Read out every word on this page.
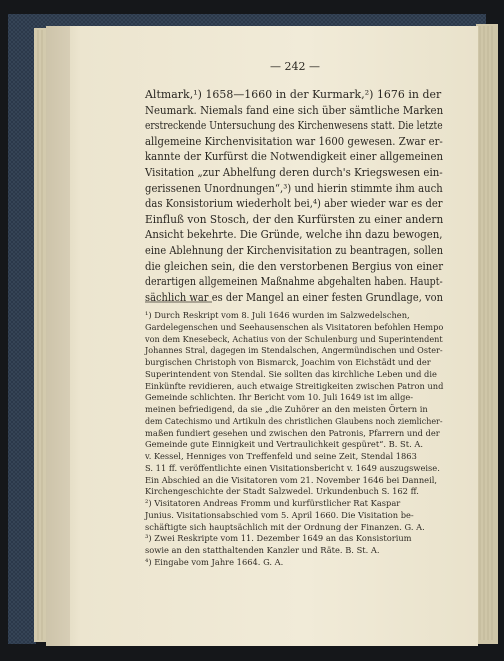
— 242 —
Altmark,¹) 1658—1660 in der Kurmark,²) 1676 in der
Neumark. Niemals fand eine sich über sämtliche Marken
erstreckende Untersuchung des Kirchenwesens statt. Die letzte
allgemeine Kirchenvisitation war 1600 gewesen. Zwar er-
kannte der Kurfürst die Notwendigkeit einer allgemeinen
Visitation „zur Abhelfung deren durch's Kriegswesen ein-
gerissenen Unordnungen“,³) und hierin stimmte ihm auch
das Konsistorium wiederholt bei,⁴) aber wieder war es der
Einfluß von Stosch, der den Kurfürsten zu einer andern
Ansicht bekehrte. Die Gründe, welche ihn dazu bewogen,
eine Ablehnung der Kirchenvisitation zu beantragen, sollen
die gleichen sein, die den verstorbenen Bergius von einer
derartigen allgemeinen Maßnahme abgehalten haben. Haupt-
sächlich war es der Mangel an einer festen Grundlage, von
¹) Durch Reskript vom 8. Juli 1646 wurden im Salzwedelschen,
Gardelegenschen und Seehausenschen als Visitatoren befohlen Hempo
von dem Knesebeck, Achatius von der Schulenburg und Superintendent
Johannes Stral, dagegen im Stendalschen, Angermündischen und Oster-
burgischen Christoph von Bismarck, Joachim von Eichstädt und der
Superintendent von Stendal. Sie sollten das kirchliche Leben und die
Einkünfte revidieren, auch etwaige Streitigkeiten zwischen Patron und
Gemeinde schlichten. Ihr Bericht vom 10. Juli 1649 ist im allge-
meinen befriedigend, da sie „die Zuhörer an den meisten Örtern in
dem Catechismo und Artikuln des christlichen Glaubens noch ziemlicher-
maßen fundiert gesehen und zwischen den Patronis, Pfarrern und der
Gemeinde gute Einnigkeit und Vertraulichkeit gespüret“. B. St. A.
v. Kessel, Henniges von Treffenfeld und seine Zeit, Stendal 1863
S. 11 ff. veröffentlichte einen Visitationsbericht v. 1649 auszugsweise.
Ein Abschied an die Visitatoren vom 21. November 1646 bei Danneil,
Kirchengeschichte der Stadt Salzwedel. Urkundenbuch S. 162 ff.
²) Visitatoren Andreas Fromm und kurfürstlicher Rat Kaspar
Junius. Visitationsabschied vom 5. April 1660. Die Visitation be-
schäftigte sich hauptsächlich mit der Ordnung der Finanzen. G. A.
³) Zwei Reskripte vom 11. Dezember 1649 an das Konsistorium
sowie an den statthaltenden Kanzler und Räte. B. St. A.
⁴) Eingabe vom Jahre 1664. G. A.
